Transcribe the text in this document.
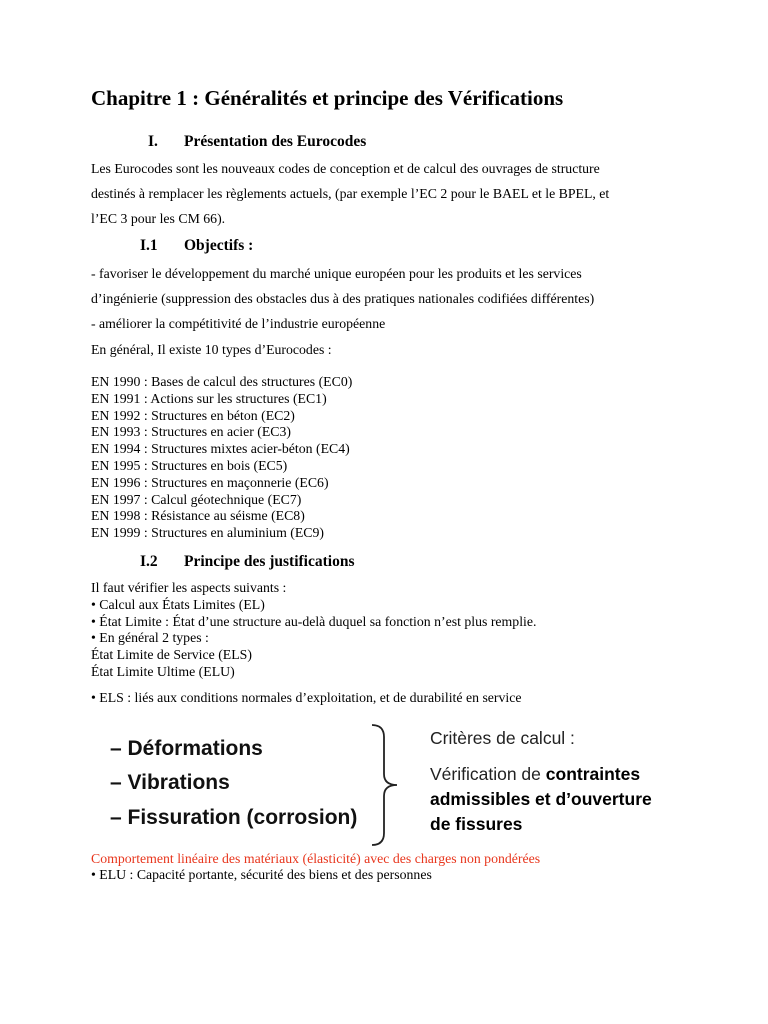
Chapitre 1 : Généralités et principe des Vérifications
I. Présentation des Eurocodes
Les Eurocodes sont les nouveaux codes de conception et de calcul des ouvrages de structure
destinés à remplacer les règlements actuels, (par exemple l’EC 2 pour le BAEL et le BPEL, et
l’EC 3 pour les CM 66).
I.1 Objectifs :
- favoriser le développement du marché unique européen pour les produits et les services
d’ingénierie (suppression des obstacles dus à des pratiques nationales codifiées différentes)
- améliorer la compétitivité de l’industrie européenne
En général, Il existe 10 types d’Eurocodes :
EN 1990 : Bases de calcul des structures (EC0)
EN 1991 : Actions sur les structures (EC1)
EN 1992 : Structures en béton (EC2)
EN 1993 : Structures en acier (EC3)
EN 1994 : Structures mixtes acier-béton (EC4)
EN 1995 : Structures en bois (EC5)
EN 1996 : Structures en maçonnerie (EC6)
EN 1997 : Calcul géotechnique (EC7)
EN 1998 : Résistance au séisme (EC8)
EN 1999 : Structures en aluminium (EC9)
I.2 Principe des justifications
Il faut vérifier les aspects suivants :
• Calcul aux États Limites (EL)
• État Limite : État d’une structure au-delà duquel sa fonction n’est plus remplie.
• En général 2 types :
État Limite de Service (ELS)
État Limite Ultime (ELU)
• ELS : liés aux conditions normales d’exploitation, et de durabilité en service
– Déformations
– Vibrations
– Fissuration (corrosion)
Critères de calcul :
Vérification de contraintes
admissibles et d’ouverture
de fissures
Comportement linéaire des matériaux (élasticité) avec des charges non pondérées
• ELU : Capacité portante, sécurité des biens et des personnes
